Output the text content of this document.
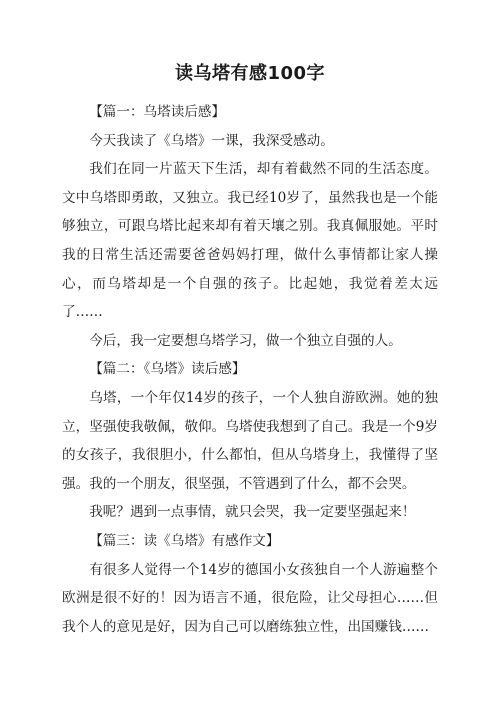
读乌塔有感100字

【篇一：乌塔读后感】

今天我读了《乌塔》一课，我深受感动。

我们在同一片蓝天下生活，却有着截然不同的生活态度。文中乌塔即勇敢，又独立。我已经10岁了，虽然我也是一个能够独立，可跟乌塔比起来却有着天壤之别。我真佩服她。平时我的日常生活还需要爸爸妈妈打理，做什么事情都让家人操心，而乌塔却是一个自强的孩子。比起她，我觉着差太远了……

今后，我一定要想乌塔学习，做一个独立自强的人。

【篇二：《乌塔》读后感】

乌塔，一个年仅14岁的孩子，一个人独自游欧洲。她的独立，坚强使我敬佩，敬仰。乌塔使我想到了自己。我是一个9岁的女孩子，我很胆小，什么都怕，但从乌塔身上，我懂得了坚强。我的一个朋友，很坚强，不管遇到了什么，都不会哭。

我呢？遇到一点事情，就只会哭，我一定要坚强起来！

【篇三：读《乌塔》有感作文】

有很多人觉得一个14岁的德国小女孩独自一个人游遍整个欧洲是很不好的！因为语言不通，很危险，让父母担心……但我个人的意见是好，因为自己可以磨练独立性，出国赚钱……
